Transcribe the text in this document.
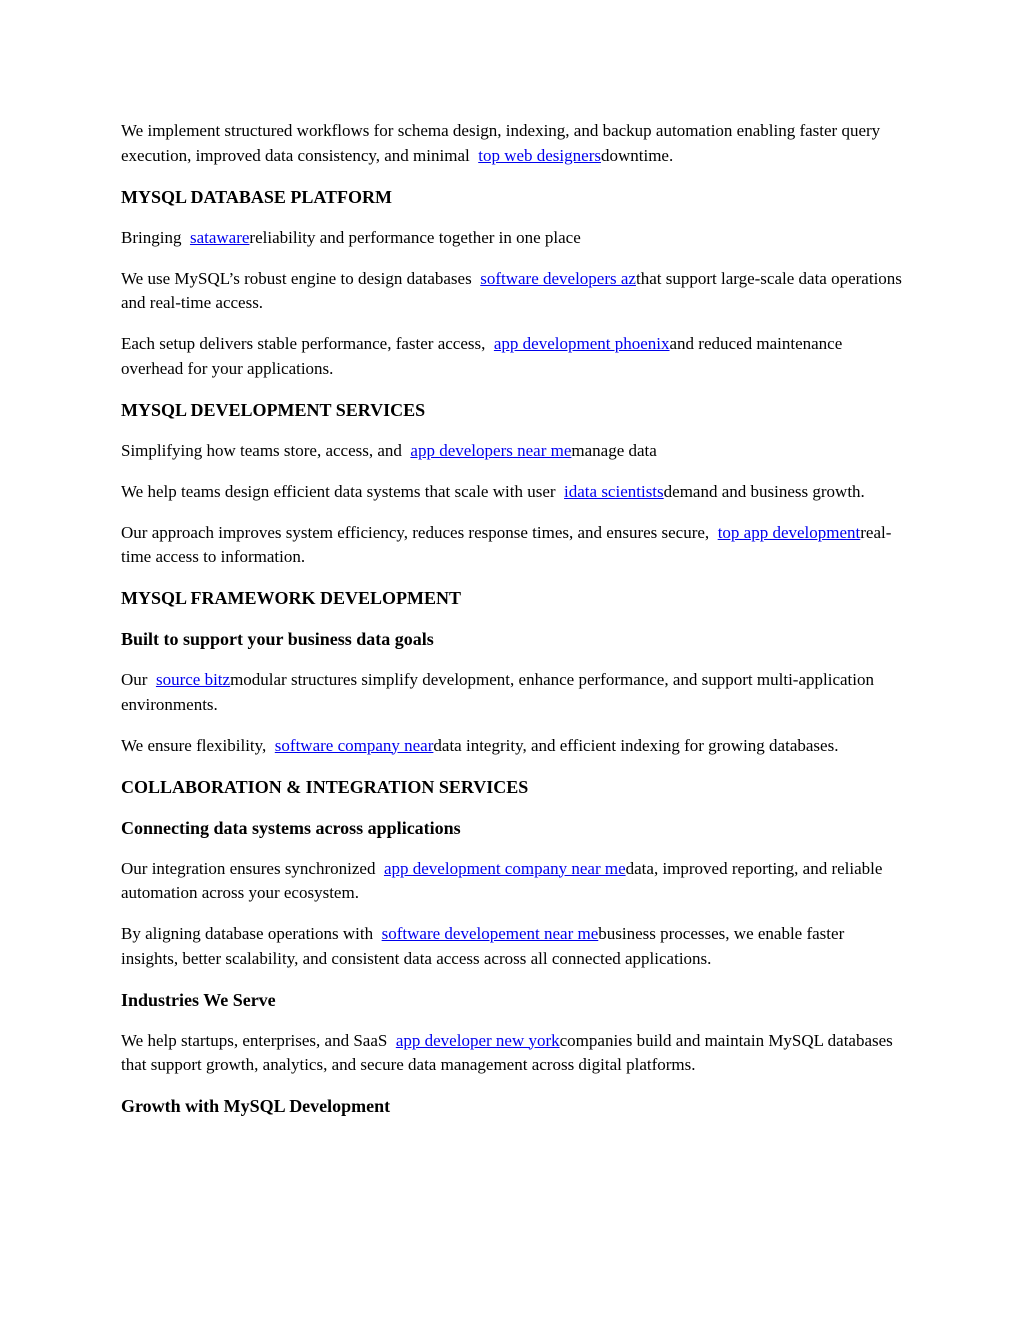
We implement structured workflows for schema design, indexing, and backup automation enabling faster query execution, improved data consistency, and minimal  top web designersdowntime.

MYSQL DATABASE PLATFORM

Bringing  satawarereliability and performance together in one place

We use MySQL’s robust engine to design databases  software developers azthat support large-scale data operations and real-time access.

Each setup delivers stable performance, faster access,  app development phoenixand reduced maintenance overhead for your applications.

MYSQL DEVELOPMENT SERVICES

Simplifying how teams store, access, and  app developers near memanage data

We help teams design efficient data systems that scale with user  idata scientistsdemand and business growth.

Our approach improves system efficiency, reduces response times, and ensures secure,  top app developmentreal-time access to information.

MYSQL FRAMEWORK DEVELOPMENT
Built to support your business data goals

Our  source bitzmodular structures simplify development, enhance performance, and support multi-application environments.

We ensure flexibility,  software company neardata integrity, and efficient indexing for growing databases.

COLLABORATION & INTEGRATION SERVICES
Connecting data systems across applications

Our integration ensures synchronized  app development company near medata, improved reporting, and reliable automation across your ecosystem.

By aligning database operations with  software developement near mebusiness processes, we enable faster insights, better scalability, and consistent data access across all connected applications.

Industries We Serve

We help startups, enterprises, and SaaS  app developer new yorkcompanies build and maintain MySQL databases that support growth, analytics, and secure data management across digital platforms.

Growth with MySQL Development
